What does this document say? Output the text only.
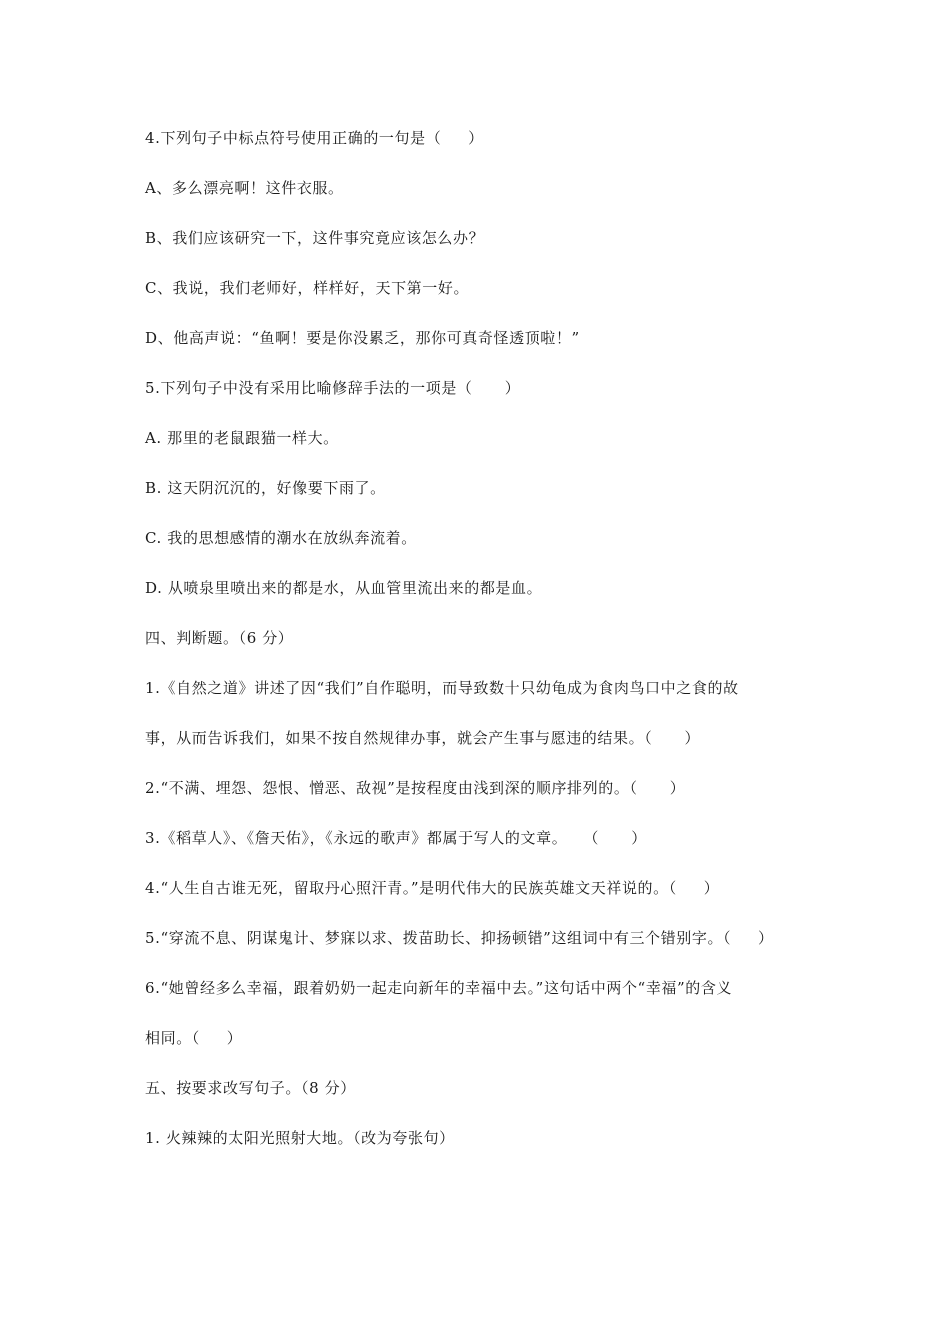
4.下列句子中标点符号使用正确的一句是（     ）
A、多么漂亮啊！这件衣服。
B、我们应该研究一下，这件事究竟应该怎么办？
C、我说，我们老师好，样样好，天下第一好。
D、他高声说：“鱼啊！要是你没累乏，那你可真奇怪透顶啦！”
5.下列句子中没有采用比喻修辞手法的一项是（      ）
A. 那里的老鼠跟猫一样大。
B. 这天阴沉沉的，好像要下雨了。
C. 我的思想感情的潮水在放纵奔流着。
D. 从喷泉里喷出来的都是水，从血管里流出来的都是血。
四、判断题。（6 分）
1.《自然之道》讲述了因“我们”自作聪明，而导致数十只幼龟成为食肉鸟口中之食的故
事，从而告诉我们，如果不按自然规律办事，就会产生事与愿违的结果。（      ）
2.“不满、埋怨、怨恨、憎恶、敌视”是按程度由浅到深的顺序排列的。（      ）
3.《稻草人》、《詹天佑》，《永远的歌声》都属于写人的文章。   （      ）
4.“人生自古谁无死，留取丹心照汗青。”是明代伟大的民族英雄文天祥说的。（     ）
5.“穿流不息、阴谋鬼计、梦寐以求、拨苗助长、抑扬顿错”这组词中有三个错别字。（     ）
6.“她曾经多么幸福，跟着奶奶一起走向新年的幸福中去。”这句话中两个“幸福”的含义
相同。（     ）
五、按要求改写句子。（8 分）
1. 火辣辣的太阳光照射大地。（改为夸张句）
